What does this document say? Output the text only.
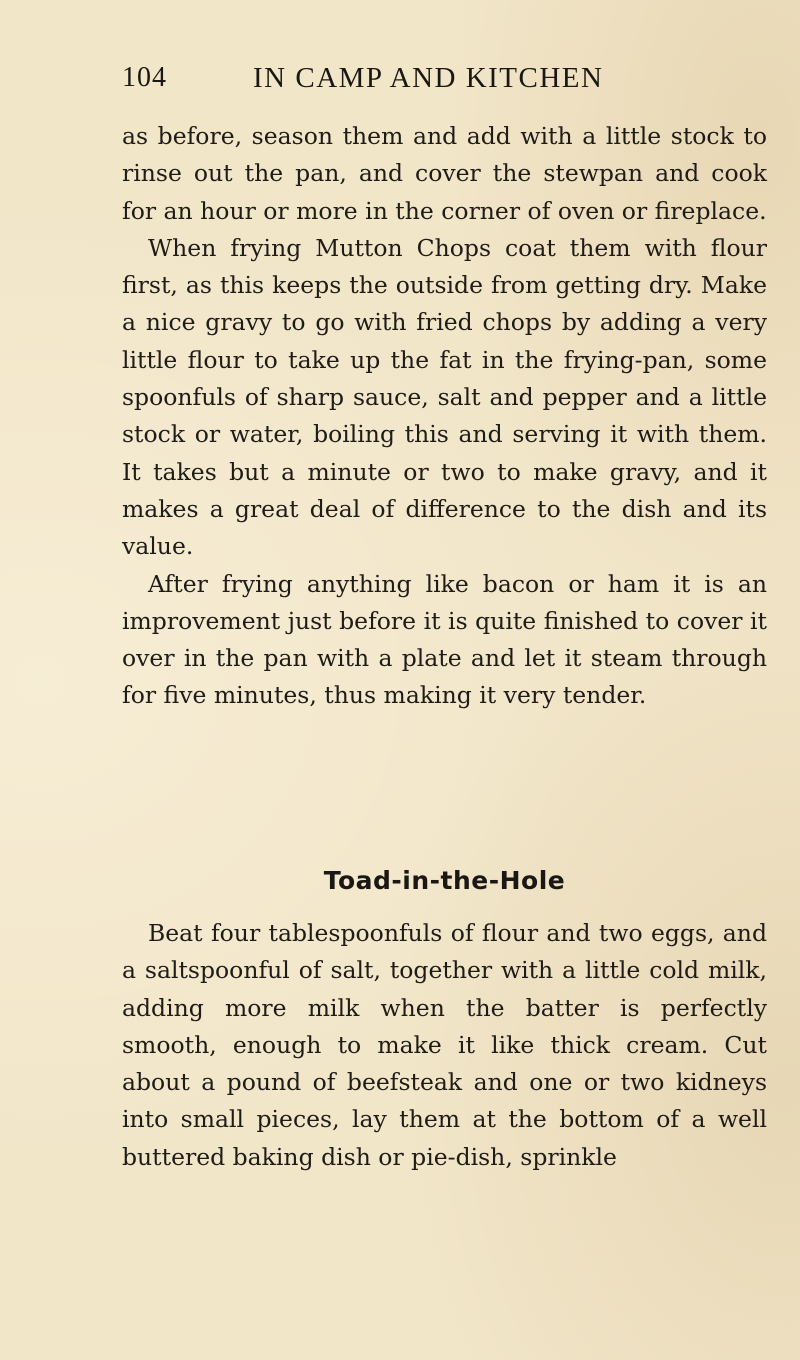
104	IN CAMP AND KITCHEN

as before, season them and add with a little stock to rinse out the pan, and cover the stewpan and cook for an hour or more in the corner of oven or fireplace.

When frying Mutton Chops coat them with flour first, as this keeps the outside from getting dry. Make a nice gravy to go with fried chops by adding a very little flour to take up the fat in the frying-pan, some spoonfuls of sharp sauce, salt and pepper and a little stock or water, boiling this and serving it with them. It takes but a minute or two to make gravy, and it makes a great deal of difference to the dish and its value.

After frying anything like bacon or ham it is an improvement just before it is quite finished to cover it over in the pan with a plate and let it steam through for five minutes, thus making it very tender.

Toad-in-the-Hole

Beat four tablespoonfuls of flour and two eggs, and a saltspoonful of salt, together with a little cold milk, adding more milk when the batter is perfectly smooth, enough to make it like thick cream. Cut about a pound of beefsteak and one or two kidneys into small pieces, lay them at the bottom of a well buttered baking dish or pie-dish, sprinkle
